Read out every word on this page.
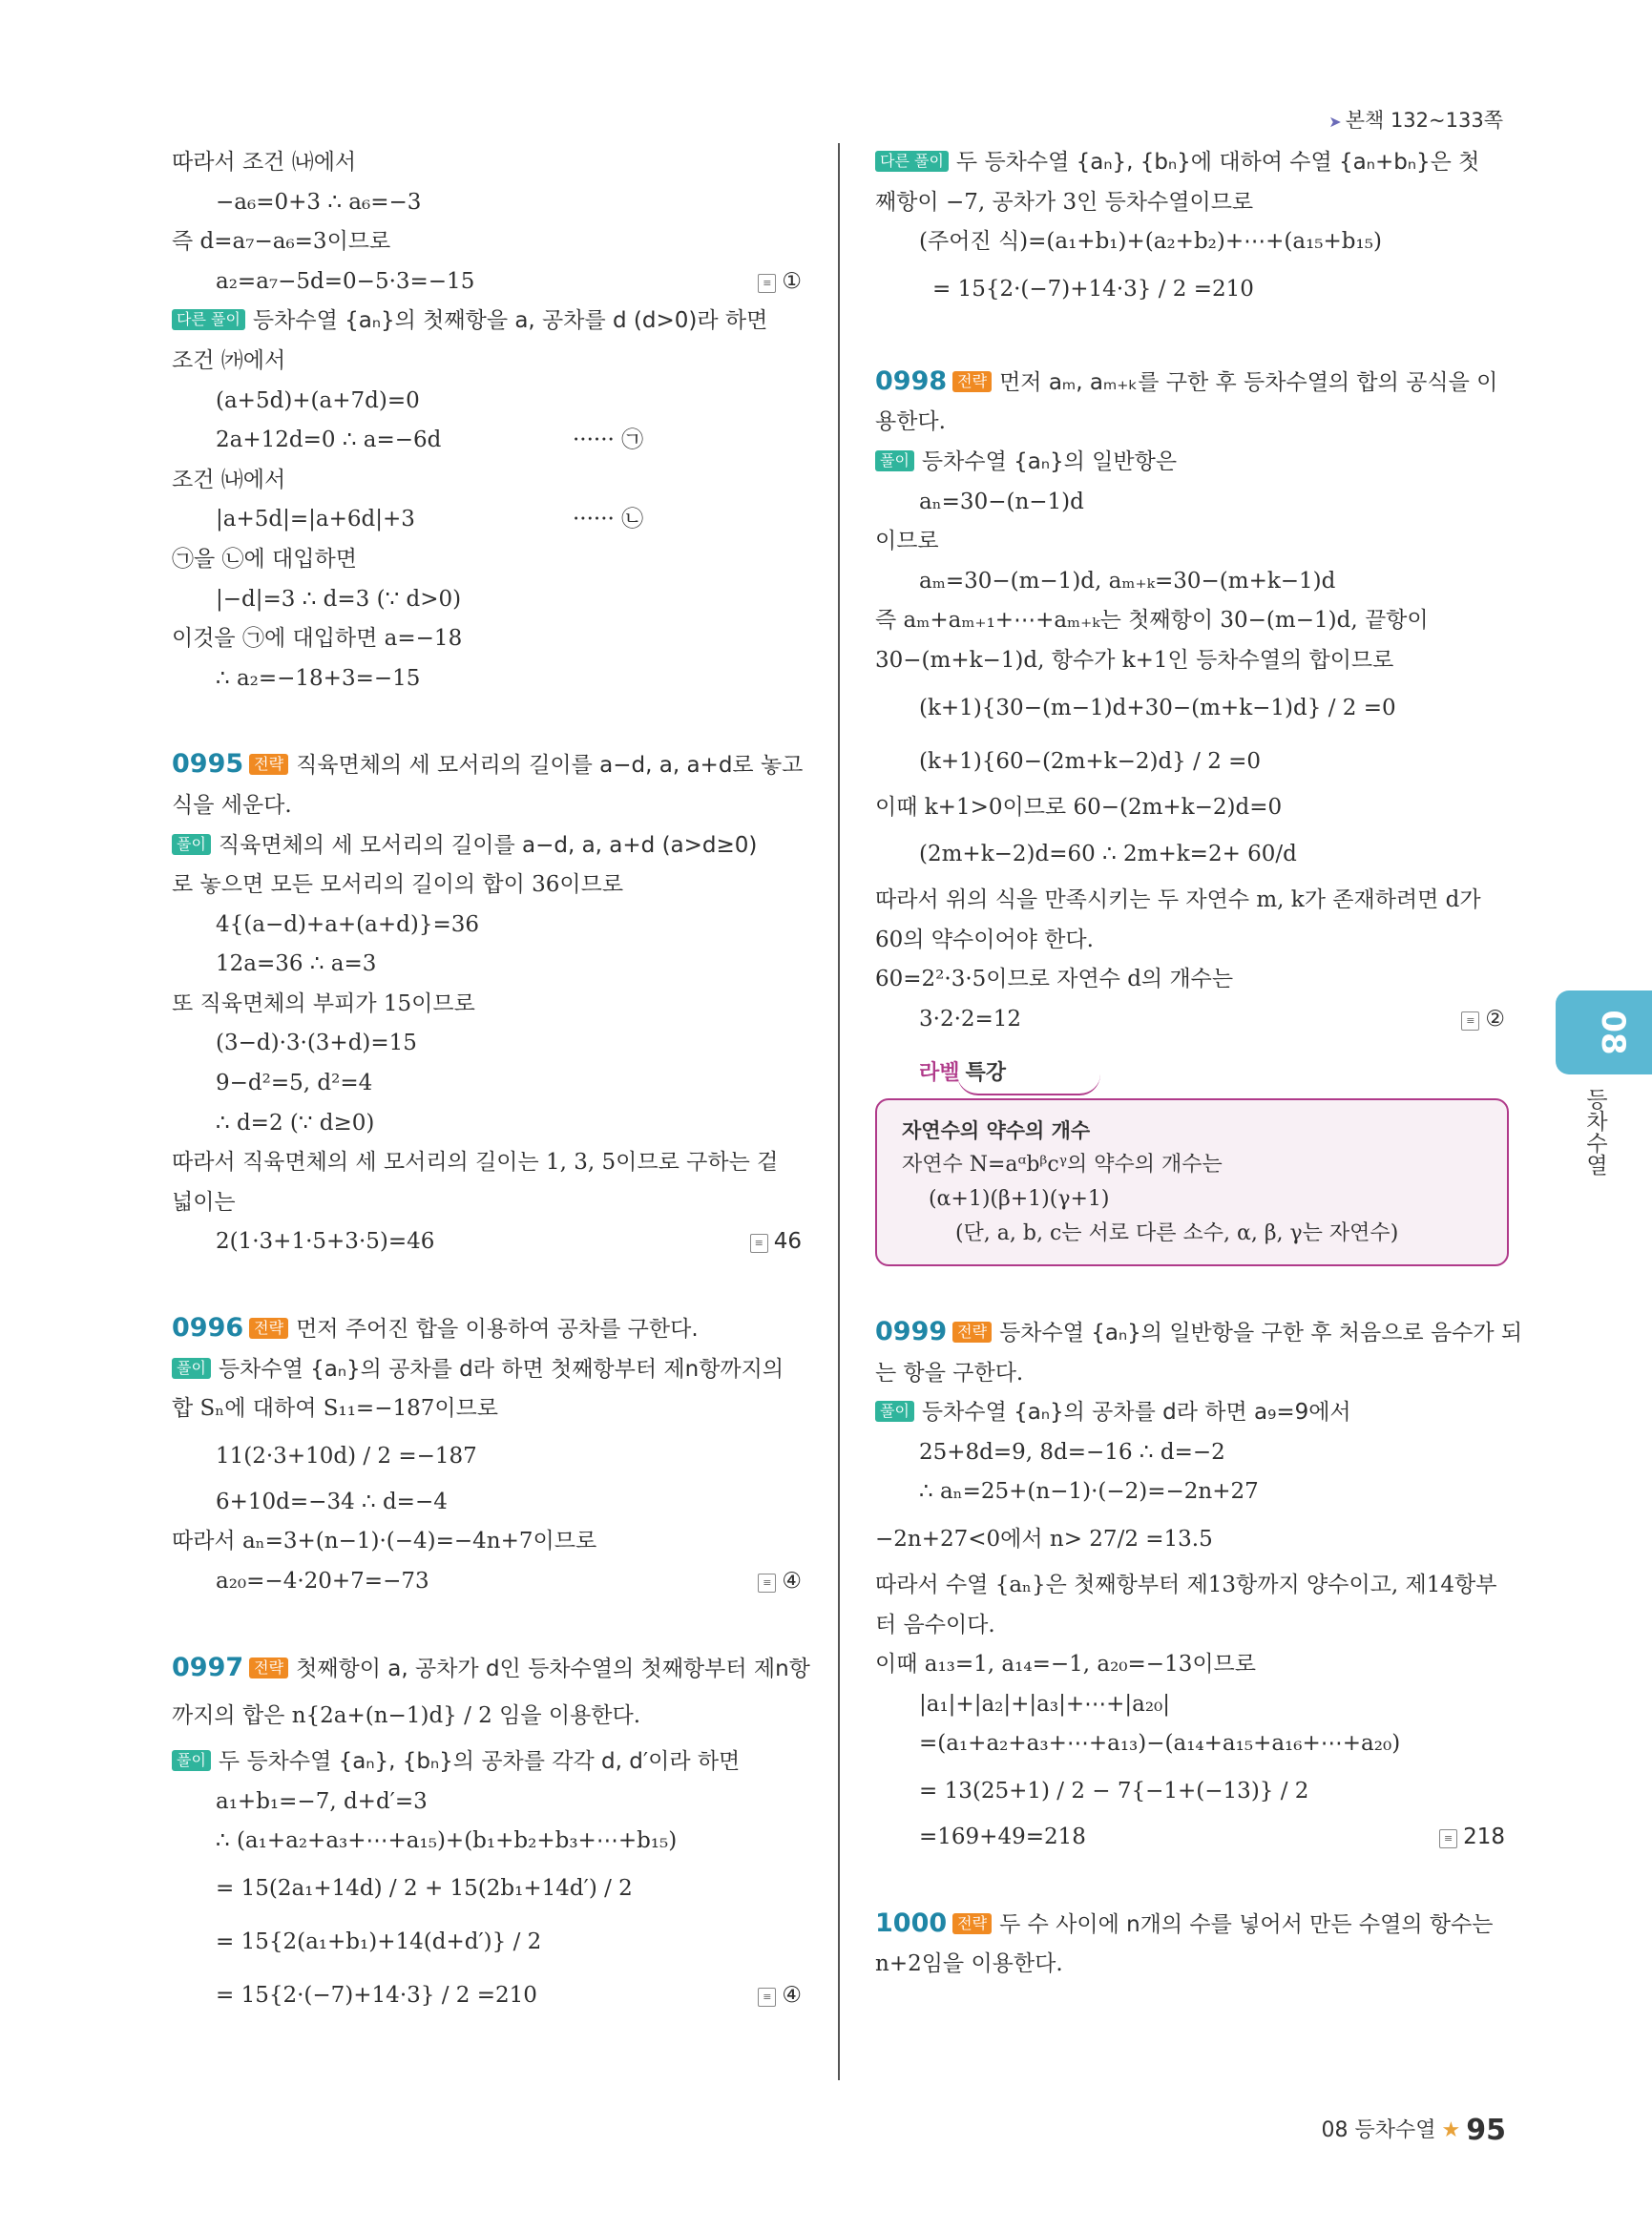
➤ 본책 132~133쪽
따라서 조건 ㈏에서
−a₆=0+3 ∴ a₆=−3
즉 d=a₇−a₆=3이므로
a₂=a₇−5d=0−5·3=−15	≡ ①
다른 풀이 등차수열 {aₙ}의 첫째항을 a, 공차를 d (d>0)라 하면
조건 ㈎에서
(a+5d)+(a+7d)=0
2a+12d=0 ∴ a=−6d	······ ㉠
조건 ㈏에서
|a+5d|=|a+6d|+3	······ ㉡
㉠을 ㉡에 대입하면
|−d|=3 ∴ d=3 (∵ d>0)
이것을 ㉠에 대입하면 a=−18
∴ a₂=−18+3=−15
0995 전략 직육면체의 세 모서리의 길이를 a−d, a, a+d로 놓고
식을 세운다.
풀이 직육면체의 세 모서리의 길이를 a−d, a, a+d (a>d≥0)
로 놓으면 모든 모서리의 길이의 합이 36이므로
4{(a−d)+a+(a+d)}=36
12a=36 ∴ a=3
또 직육면체의 부피가 15이므로
(3−d)·3·(3+d)=15
9−d²=5, d²=4
∴ d=2 (∵ d≥0)
따라서 직육면체의 세 모서리의 길이는 1, 3, 5이므로 구하는 겉
넓이는
2(1·3+1·5+3·5)=46	≡ 46
0996 전략 먼저 주어진 합을 이용하여 공차를 구한다.
풀이 등차수열 {aₙ}의 공차를 d라 하면 첫째항부터 제n항까지의
합 Sₙ에 대하여 S₁₁=−187이므로
11(2·3+10d) / 2 =−187
6+10d=−34 ∴ d=−4
따라서 aₙ=3+(n−1)·(−4)=−4n+7이므로
a₂₀=−4·20+7=−73	≡ ④
0997 전략 첫째항이 a, 공차가 d인 등차수열의 첫째항부터 제n항
까지의 합은 n{2a+(n−1)d} / 2 임을 이용한다.
풀이 두 등차수열 {aₙ}, {bₙ}의 공차를 각각 d, d′이라 하면
a₁+b₁=−7, d+d′=3
∴ (a₁+a₂+a₃+⋯+a₁₅)+(b₁+b₂+b₃+⋯+b₁₅)
= 15(2a₁+14d) / 2 + 15(2b₁+14d′) / 2
= 15{2(a₁+b₁)+14(d+d′)} / 2
= 15{2·(−7)+14·3} / 2 =210	≡ ④
다른 풀이 두 등차수열 {aₙ}, {bₙ}에 대하여 수열 {aₙ+bₙ}은 첫
째항이 −7, 공차가 3인 등차수열이므로
(주어진 식)=(a₁+b₁)+(a₂+b₂)+⋯+(a₁₅+b₁₅)
= 15{2·(−7)+14·3} / 2 =210
0998 전략 먼저 aₘ, aₘ₊ₖ를 구한 후 등차수열의 합의 공식을 이
용한다.
풀이 등차수열 {aₙ}의 일반항은
aₙ=30−(n−1)d
이므로
aₘ=30−(m−1)d, aₘ₊ₖ=30−(m+k−1)d
즉 aₘ+aₘ₊₁+⋯+aₘ₊ₖ는 첫째항이 30−(m−1)d, 끝항이
30−(m+k−1)d, 항수가 k+1인 등차수열의 합이므로
(k+1){30−(m−1)d+30−(m+k−1)d} / 2 =0
(k+1){60−(2m+k−2)d} / 2 =0
이때 k+1>0이므로 60−(2m+k−2)d=0
(2m+k−2)d=60 ∴ 2m+k=2+ 60/d
따라서 위의 식을 만족시키는 두 자연수 m, k가 존재하려면 d가
60의 약수이어야 한다.
60=2²·3·5이므로 자연수 d의 개수는
3·2·2=12	≡ ②
라벨 특강
자연수의 약수의 개수
자연수 N=aᵅbᵝcᵞ의 약수의 개수는
(α+1)(β+1)(γ+1)
(단, a, b, c는 서로 다른 소수, α, β, γ는 자연수)
0999 전략 등차수열 {aₙ}의 일반항을 구한 후 처음으로 음수가 되
는 항을 구한다.
풀이 등차수열 {aₙ}의 공차를 d라 하면 a₉=9에서
25+8d=9, 8d=−16 ∴ d=−2
∴ aₙ=25+(n−1)·(−2)=−2n+27
−2n+27<0에서 n> 27/2 =13.5
따라서 수열 {aₙ}은 첫째항부터 제13항까지 양수이고, 제14항부
터 음수이다.
이때 a₁₃=1, a₁₄=−1, a₂₀=−13이므로
|a₁|+|a₂|+|a₃|+⋯+|a₂₀|
=(a₁+a₂+a₃+⋯+a₁₃)−(a₁₄+a₁₅+a₁₆+⋯+a₂₀)
= 13(25+1) / 2 − 7{−1+(−13)} / 2
=169+49=218	≡ 218
1000 전략 두 수 사이에 n개의 수를 넣어서 만든 수열의 항수는
n+2임을 이용한다.
08
등차수열
08 등차수열 ★ 95
